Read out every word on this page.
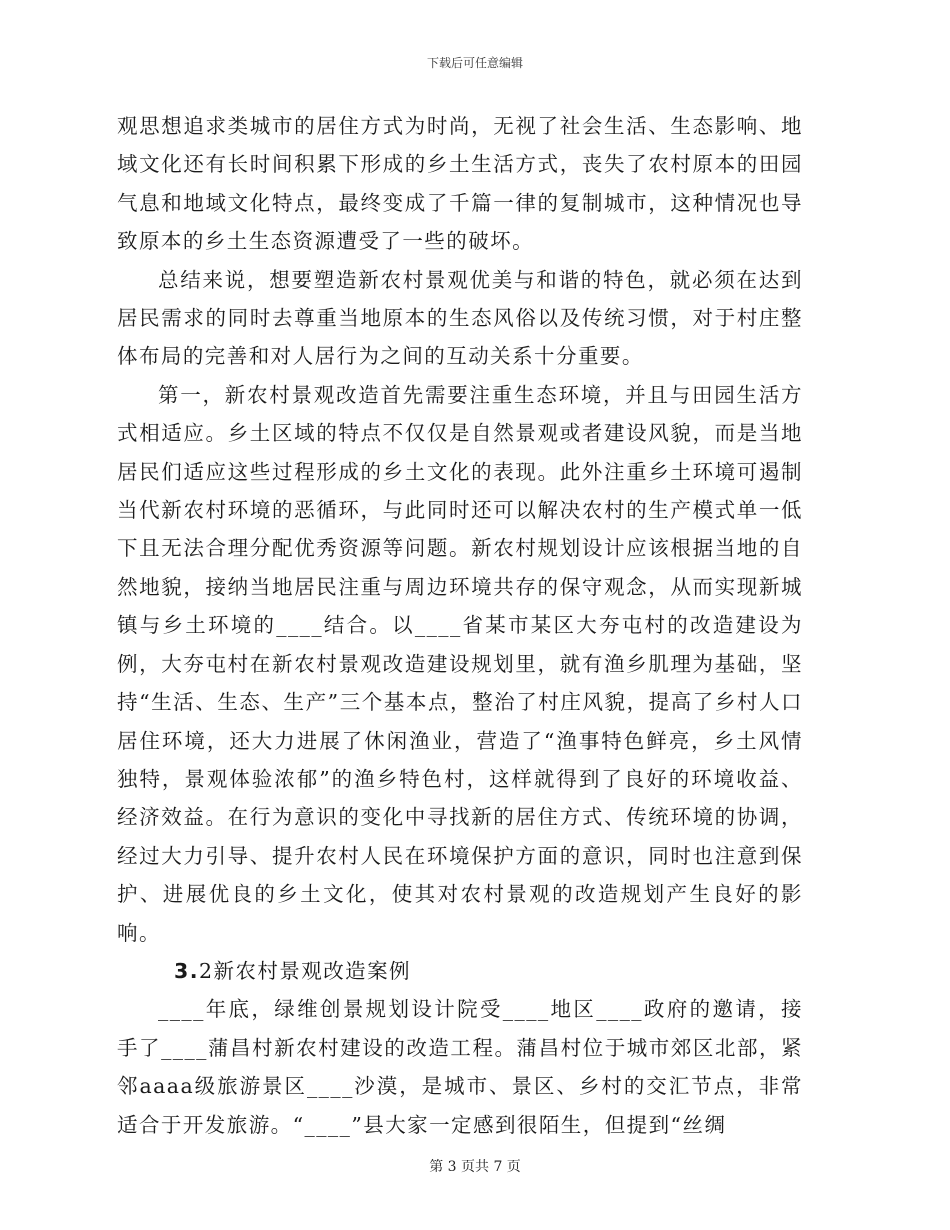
下载后可任意编辑

观思想追求类城市的居住方式为时尚，无视了社会生活、生态影响、地域文化还有长时间积累下形成的乡土生活方式，丧失了农村原本的田园气息和地域文化特点，最终变成了千篇一律的复制城市，这种情况也导致原本的乡土生态资源遭受了一些的破坏。

总结来说，想要塑造新农村景观优美与和谐的特色，就必须在达到居民需求的同时去尊重当地原本的生态风俗以及传统习惯，对于村庄整体布局的完善和对人居行为之间的互动关系十分重要。

第一，新农村景观改造首先需要注重生态环境，并且与田园生活方式相适应。乡土区域的特点不仅仅是自然景观或者建设风貌，而是当地居民们适应这些过程形成的乡土文化的表现。此外注重乡土环境可遏制当代新农村环境的恶循环，与此同时还可以解决农村的生产模式单一低下且无法合理分配优秀资源等问题。新农村规划设计应该根据当地的自然地貌，接纳当地居民注重与周边环境共存的保守观念，从而实现新城镇与乡土环境的____结合。以____省某市某区大夯屯村的改造建设为例，大夯屯村在新农村景观改造建设规划里，就有渔乡肌理为基础，坚持“生活、生态、生产”三个基本点，整治了村庄风貌，提高了乡村人口居住环境，还大力进展了休闲渔业，营造了“渔事特色鲜亮，乡土风情独特，景观体验浓郁”的渔乡特色村，这样就得到了良好的环境收益、经济效益。在行为意识的变化中寻找新的居住方式、传统环境的协调，经过大力引导、提升农村人民在环境保护方面的意识，同时也注意到保护、进展优良的乡土文化，使其对农村景观的改造规划产生良好的影响。

3.2新农村景观改造案例

____年底，绿维创景规划设计院受____地区____政府的邀请，接手了____蒲昌村新农村建设的改造工程。蒲昌村位于城市郊区北部，紧邻aaaa级旅游景区____沙漠，是城市、景区、乡村的交汇节点，非常适合于开发旅游。“____”县大家一定感到很陌生，但提到“丝绸

第 3 页共 7 页
